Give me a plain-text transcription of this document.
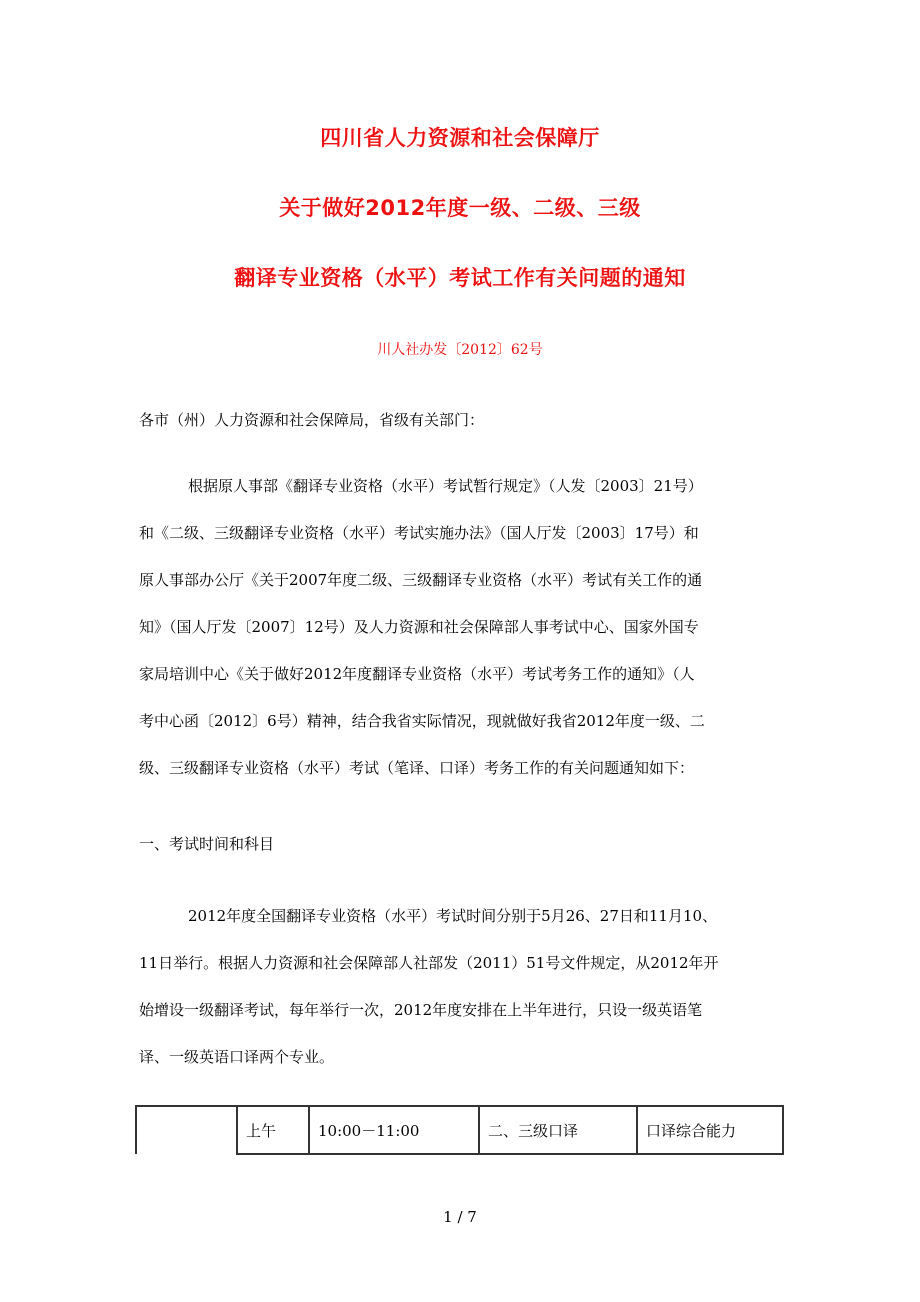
四川省人力资源和社会保障厅
关于做好2012年度一级、二级、三级
翻译专业资格（水平）考试工作有关问题的通知
川人社办发〔2012〕62号
各市（州）人力资源和社会保障局，省级有关部门：
根据原人事部《翻译专业资格（水平）考试暂行规定》（人发〔2003〕21号）
和《二级、三级翻译专业资格（水平）考试实施办法》（国人厅发〔2003〕17号）和
原人事部办公厅《关于2007年度二级、三级翻译专业资格（水平）考试有关工作的通
知》（国人厅发〔2007〕12号）及人力资源和社会保障部人事考试中心、国家外国专
家局培训中心《关于做好2012年度翻译专业资格（水平）考试考务工作的通知》（人
考中心函〔2012〕6号）精神，结合我省实际情况，现就做好我省2012年度一级、二
级、三级翻译专业资格（水平）考试（笔译、口译）考务工作的有关问题通知如下：
一、考试时间和科目
2012年度全国翻译专业资格（水平）考试时间分别于5月26、27日和11月10、
11日举行。根据人力资源和社会保障部人社部发（2011）51号文件规定，从2012年开
始增设一级翻译考试，每年举行一次，2012年度安排在上半年进行，只设一级英语笔
译、一级英语口译两个专业。
	上午	10:00－11:00	二、三级口译	口译综合能力
1 / 7
